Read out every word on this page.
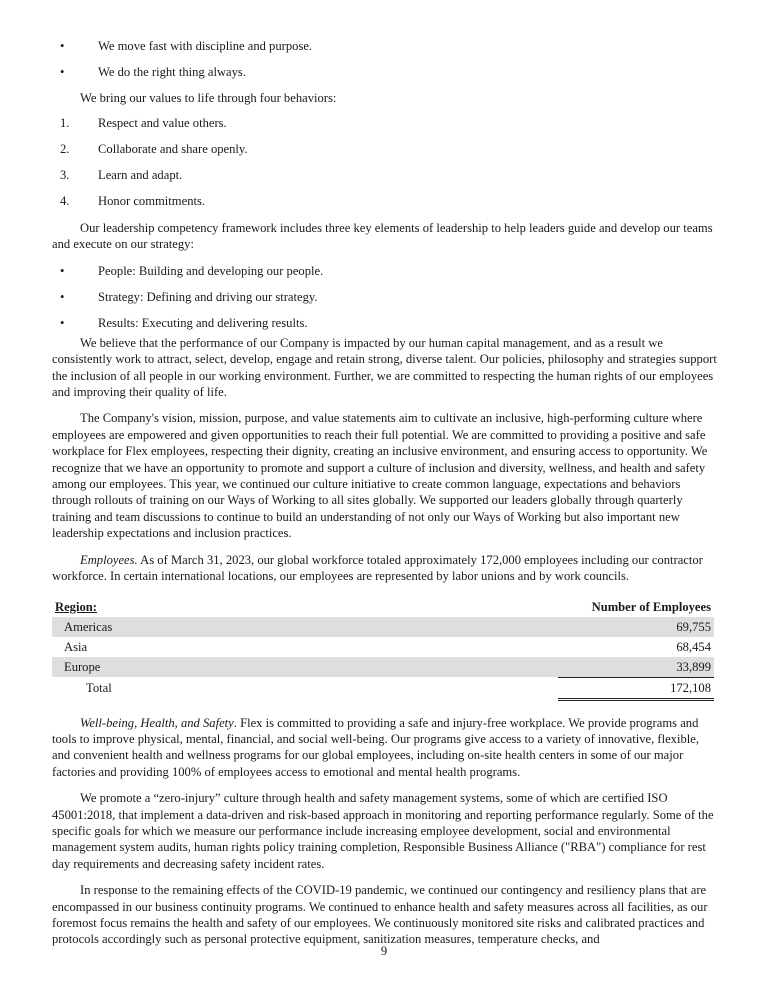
•	We move fast with discipline and purpose.
•	We do the right thing always.
We bring our values to life through four behaviors:
1. Respect and value others.
2. Collaborate and share openly.
3. Learn and adapt.
4. Honor commitments.

Our leadership competency framework includes three key elements of leadership to help leaders guide and develop our teams and execute on our strategy:

•	People: Building and developing our people.
•	Strategy: Defining and driving our strategy.
•	Results: Executing and delivering results.

We believe that the performance of our Company is impacted by our human capital management, and as a result we consistently work to attract, select, develop, engage and retain strong, diverse talent. Our policies, philosophy and strategies support the inclusion of all people in our working environment. Further, we are committed to respecting the human rights of our employees and improving their quality of life.

The Company's vision, mission, purpose, and value statements aim to cultivate an inclusive, high-performing culture where employees are empowered and given opportunities to reach their full potential. We are committed to providing a positive and safe workplace for Flex employees, respecting their dignity, creating an inclusive environment, and ensuring access to opportunity. We recognize that we have an opportunity to promote and support a culture of inclusion and diversity, wellness, and health and safety among our employees. This year, we continued our culture initiative to create common language, expectations and behaviors through rollouts of training on our Ways of Working to all sites globally. We supported our leaders globally through quarterly training and team discussions to continue to build an understanding of not only our Ways of Working but also important new leadership expectations and inclusion practices.

Employees. As of March 31, 2023, our global workforce totaled approximately 172,000 employees including our contractor workforce. In certain international locations, our employees are represented by labor unions and by work councils.

Region:	Number of Employees
Americas	69,755
Asia	68,454
Europe	33,899
Total	172,108

Well-being, Health, and Safety. Flex is committed to providing a safe and injury-free workplace. We provide programs and tools to improve physical, mental, financial, and social well-being. Our programs give access to a variety of innovative, flexible, and convenient health and wellness programs for our global employees, including on-site health centers in some of our major factories and providing 100% of employees access to emotional and mental health programs.

We promote a “zero-injury” culture through health and safety management systems, some of which are certified ISO 45001:2018, that implement a data-driven and risk-based approach in monitoring and reporting performance regularly. Some of the specific goals for which we measure our performance include increasing employee development, social and environmental management system audits, human rights policy training completion, Responsible Business Alliance ("RBA") compliance for rest day requirements and decreasing safety incident rates.

In response to the remaining effects of the COVID-19 pandemic, we continued our contingency and resiliency plans that are encompassed in our business continuity programs. We continued to enhance health and safety measures across all facilities, as our foremost focus remains the health and safety of our employees. We continuously monitored site risks and calibrated practices and protocols accordingly such as personal protective equipment, sanitization measures, temperature checks, and

9
